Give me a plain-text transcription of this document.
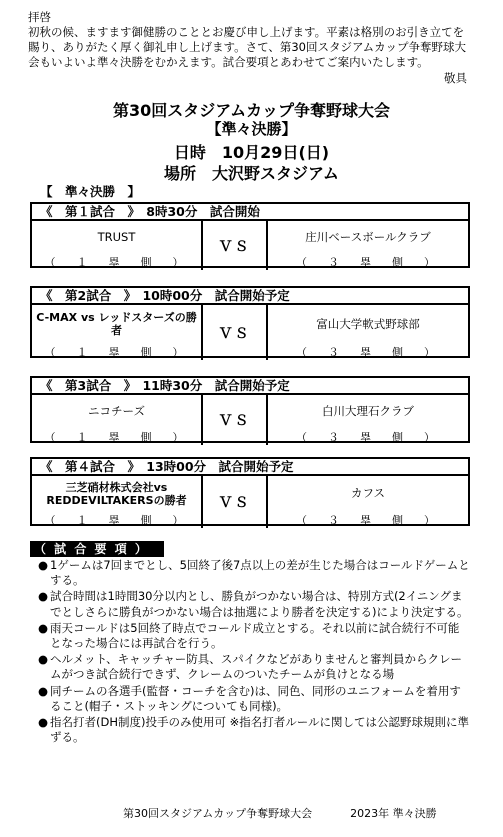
拝啓

初秋の候、ますます御健勝のこととお慶び申し上げます。平素は格別のお引き立てを賜り、ありがたく厚く御礼申し上げます。さて、第30回スタジアムカップ争奪野球大会もいよいよ準々決勝をむかえます。試合要項とあわせてご案内いたします。

敬具
第30回スタジアムカップ争奪野球大会
【準々決勝】
日時　10月29日(日)
場所　大沢野スタジアム
【　準々決勝　】
《　第１試合　》　8時30分　試合開始
TRUST
（　１　塁　側　）
ＶＳ
庄川ベースボールクラブ
（　３　塁　側　）
《　第2試合　》　10時00分　試合開始予定
C-MAX vs レッドスターズの勝者
（　１　塁　側　）
ＶＳ
富山大学軟式野球部
（　３　塁　側　）
《　第3試合　》　11時30分　試合開始予定
ニコチーズ
（　１　塁　側　）
ＶＳ
白川大理石クラブ
（　３　塁　側　）
《　第４試合　》　13時00分　試合開始予定
三芝硝材株式会社vs REDDEVILTAKERSの勝者
（　１　塁　側　）
ＶＳ
カフス
（　３　塁　側　）
（ 試 合 要 項 ）
● 1ゲームは7回までとし、5回終了後7点以上の差が生じた場合はコールドゲームとする。
● 試合時間は1時間30分以内とし、勝負がつかない場合は、特別方式(2イニングまでとしさらに勝負がつかない場合は抽選により勝者を決定する)により決定する。
● 雨天コールドは5回終了時点でコールド成立とする。それ以前に試合続行不可能となった場合には再試合を行う。
● ヘルメット、キャッチャー防具、スパイクなどがありませんと審判員からクレームがつき試合続行できず、クレームのついたチームが負けとなる場
● 同チームの各選手(監督・コーチを含む)は、同色、同形のユニフォームを着用すること(帽子・ストッキングについても同様)。
● 指名打者(DH制度)投手のみ使用可 ※指名打者ルールに関しては公認野球規則に準ずる。
第30回スタジアムカップ争奪野球大会	2023年 準々決勝
